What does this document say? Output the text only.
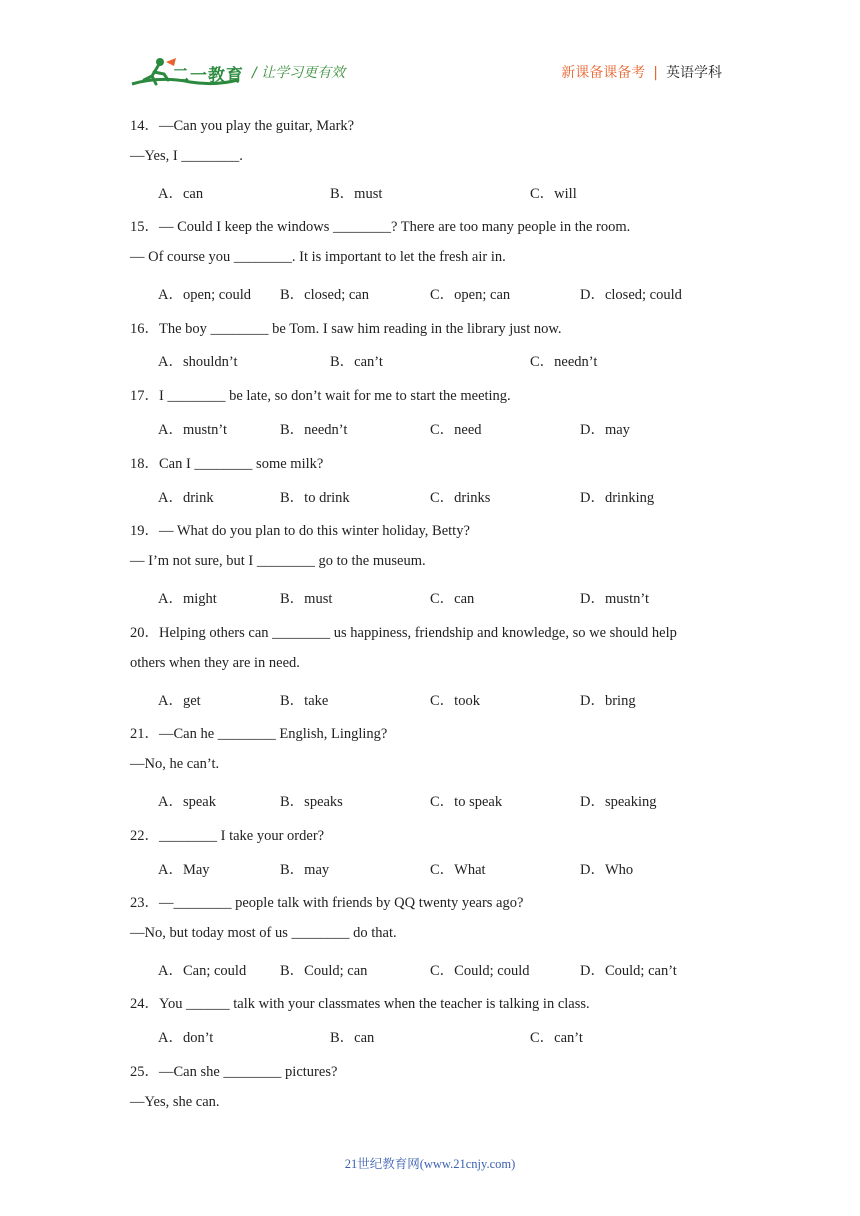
二一教育 / 让学习更有效	新课备课备考 | 英语学科
14．—Can you play the guitar, Mark?
—Yes, I ________.
A．can	B．must	C．will
15．— Could I keep the windows ________? There are too many people in the room.
— Of course you ________. It is important to let the fresh air in.
A．open; could B．closed; can	C．open; can	D．closed; could
16．The boy ________ be Tom. I saw him reading in the library just now.
A．shouldn’t	B．can’t	C．needn’t
17．I ________ be late, so don’t wait for me to start the meeting.
A．mustn’t	B．needn’t	C．need	D．may
18．Can I ________ some milk?
A．drink	B．to drink	C．drinks	D．drinking
19．— What do you plan to do this winter holiday, Betty?
— I’m not sure, but I ________ go to the museum.
A．might	B．must	C．can	D．mustn’t
20．Helping others can ________ us happiness, friendship and knowledge, so we should help
others when they are in need.
A．get	B．take	C．took	D．bring
21．—Can he ________ English, Lingling?
—No, he can’t.
A．speak	B．speaks	C．to speak	D．speaking
22．________ I take your order?
A．May	B．may	C．What	D．Who
23．—________ people talk with friends by QQ twenty years ago?
—No, but today most of us ________ do that.
A．Can; could B．Could; can	C．Could; could	D．Could; can’t
24．You ______ talk with your classmates when the teacher is talking in class.
A．don’t	B．can	C．can’t
25．—Can she ________ pictures?
—Yes, she can.
21世纪教育网(www.21cnjy.com)
